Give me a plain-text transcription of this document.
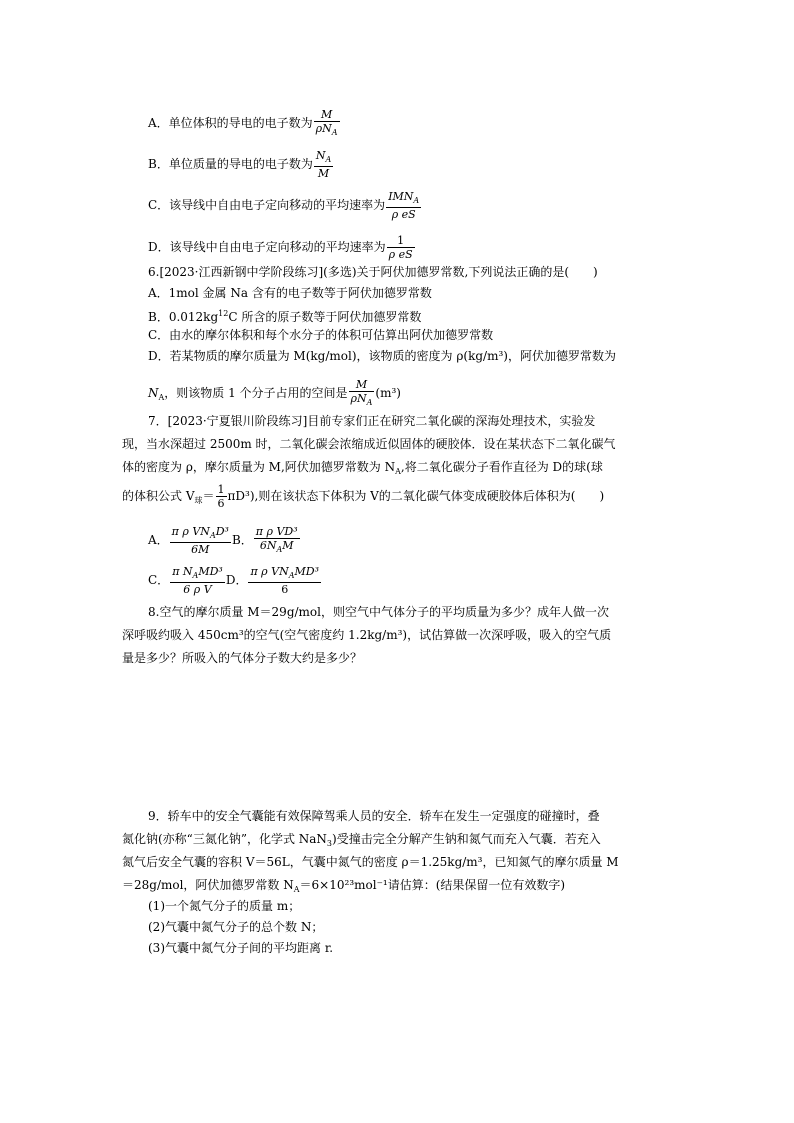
A．单位体积的导电的电子数为 $\frac{M}{\rho N_A}$
B．单位质量的导电的电子数为 $\frac{N_A}{M}$
C．该导线中自由电子定向移动的平均速率为 $\frac{IMN_A}{\text{ρ eS}}$
D．该导线中自由电子定向移动的平均速率为 $\frac{1}{\text{ρ eS}}$
6.[2023·江西新钢中学阶段练习](多选)关于阿伏加德罗常数,下列说法正确的是(　　)
A．1mol 金属 Na 含有的电子数等于阿伏加德罗常数
B．$0.012kg^{12}C$ 所含的原子数等于阿伏加德罗常数
C．由水的摩尔体积和每个水分子的体积可估算出阿伏加德罗常数
D．若某物质的摩尔质量为 M(kg/mol)，该物质的密度为 ρ(kg/m³)，阿伏加德罗常数为
$N_A$，则该物质 1 个分子占用的空间是 $\frac{M}{\rho N_A} (m^3)$
7．[2023·宁夏银川阶段练习]目前专家们正在研究二氧化碳的深海处理技术，实验发
现，当水深超过 2500m 时，二氧化碳会浓缩成近似固体的硬胶体．设在某状态下二氧化碳气
体的密度为 ρ，摩尔质量为 M,阿伏加德罗常数为 $N_A$,将二氧化碳分子看作直径为 D的球(球
的体积公式 $V_球= \frac{1}{6} \pi D^3$),则在该状态下体积为 V的二氧化碳气体变成硬胶体后体积为(　　)
A． $\frac{\pi \rho VN_AD^3}{6M}$ B． $\frac{\text{π ρ VD³}}{6N_AM}$
C． $\frac{\pi N_AMD^3}{\text{6 ρ V}}$ D． $\frac{\pi \rho VN_AMD^3}{6}$
8.空气的摩尔质量 M＝29g/mol，则空气中气体分子的平均质量为多少？成年人做一次
深呼吸约吸入 450cm³的空气(空气密度约 1.2kg/m³)，试估算做一次深呼吸，吸入的空气质
量是多少？所吸入的气体分子数大约是多少？
9．轿车中的安全气囊能有效保障驾乘人员的安全．轿车在发生一定强度的碰撞时，叠
氮化钠(亦称“三氮化钠”，化学式 NaN$_3$)受撞击完全分解产生钠和氮气而充入气囊．若充入
氮气后安全气囊的容积 V＝56L，气囊中氮气的密度 ρ＝1.25kg/m³，已知氮气的摩尔质量 M
＝28g/mol，阿伏加德罗常数 $N_A=6\times 10^{23}mol^{-1}$请估算：(结果保留一位有效数字)
(1)一个氮气分子的质量 m；
(2)气囊中氮气分子的总个数 N；
(3)气囊中氮气分子间的平均距离 r.
